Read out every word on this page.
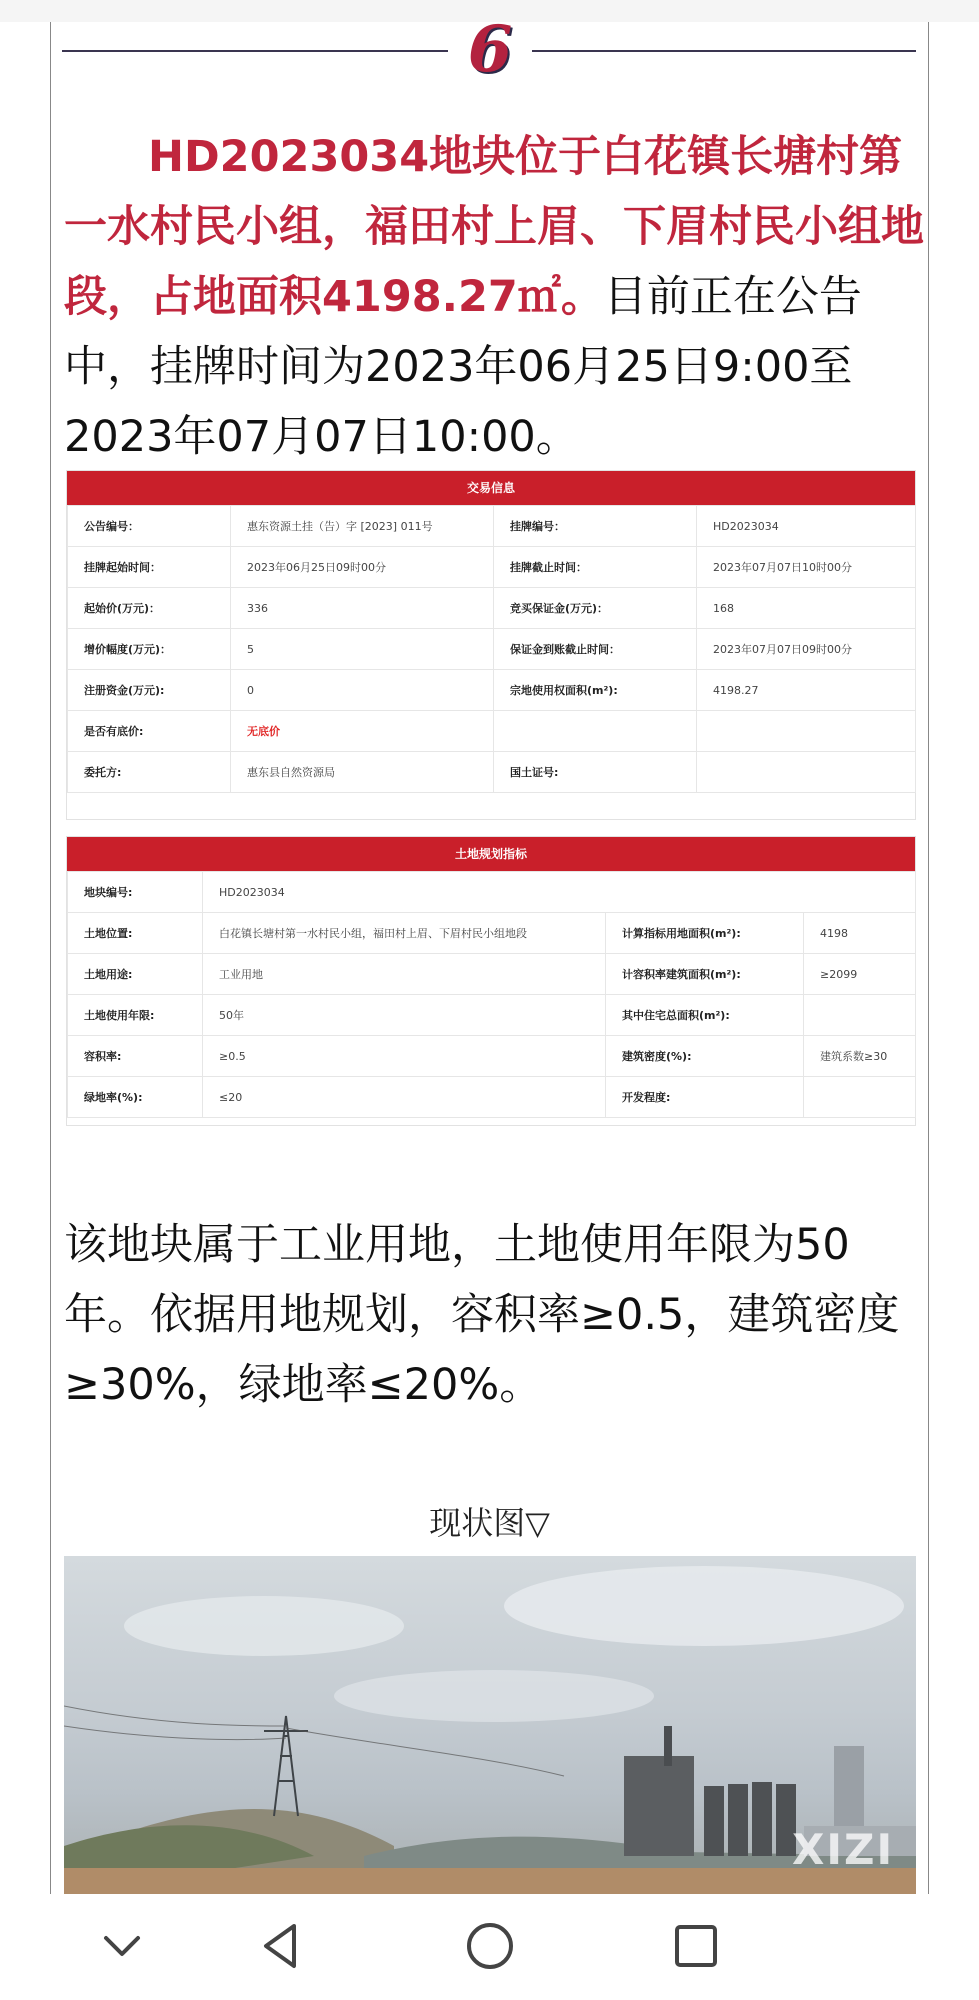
6
HD2023034地块位于白花镇长塘村第一水村民小组，福田村上眉、下眉村民小组地段，占地面积4198.27㎡。目前正在公告中，挂牌时间为2023年06月25日9:00至2023年07月07日10:00。
交易信息
公告编号：	惠东资源土挂（告）字 [2023] 011号	挂牌编号：	HD2023034
挂牌起始时间：	2023年06月25日09时00分	挂牌截止时间：	2023年07月07日10时00分
起始价(万元)：	336	竞买保证金(万元)：	168
增价幅度(万元)：	5	保证金到账截止时间：	2023年07月07日09时00分
注册资金(万元):	0	宗地使用权面积(m²):	4198.27
是否有底价:	无底价		
委托方:	惠东县自然资源局	国土证号:	
土地规划指标
地块编号:	HD2023034		
土地位置:	白花镇长塘村第一水村民小组，福田村上眉、下眉村民小组地段	计算指标用地面积(m²):	4198
土地用途:	工业用地	计容积率建筑面积(m²):	≥2099
土地使用年限:	50年	其中住宅总面积(m²):	
容积率:	≥0.5	建筑密度(%):	建筑系数≥30
绿地率(%):	≤20	开发程度:	
该地块属于工业用地，土地使用年限为50年。依据用地规划，容积率≥0.5，建筑密度≥30%，绿地率≤20%。
现状图▽
XIZI
